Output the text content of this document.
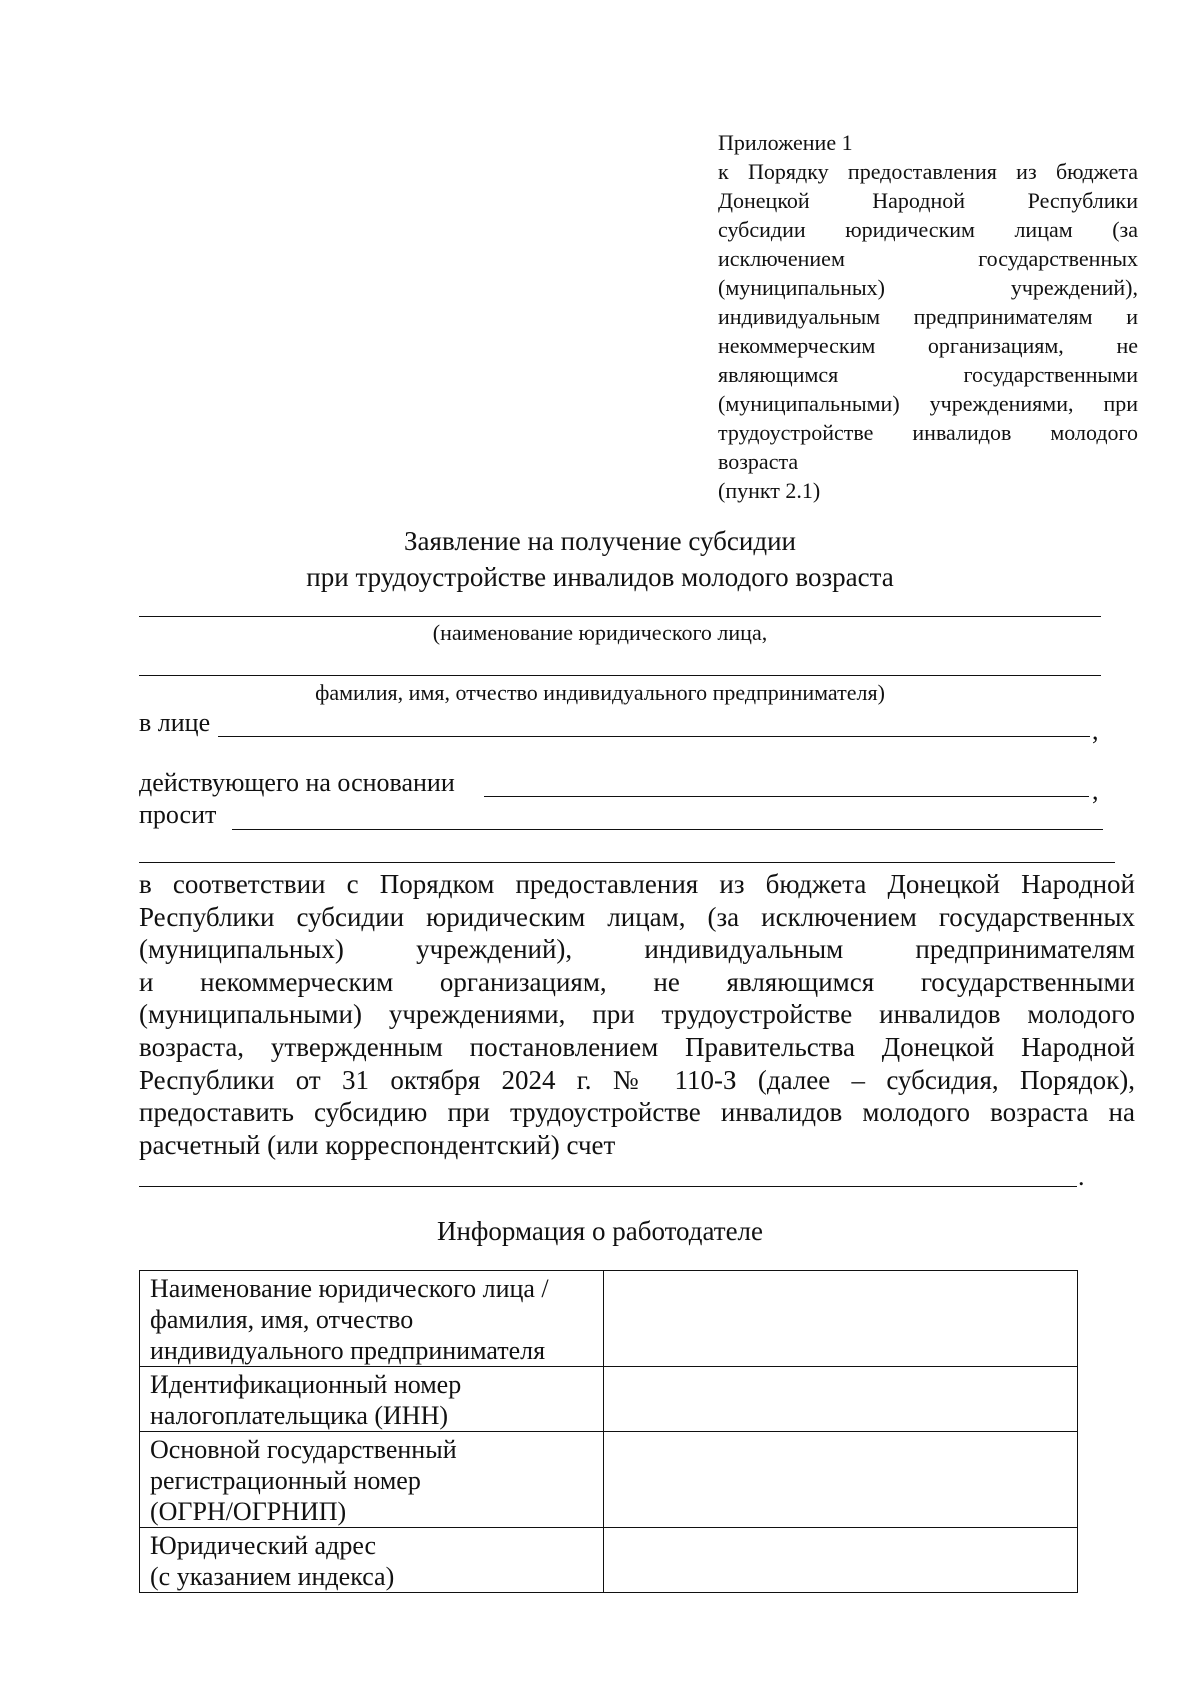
Приложение 1
к Порядку предоставления из бюджета
Донецкой Народной Республики
субсидии юридическим лицам (за
исключением государственных
(муниципальных) учреждений),
индивидуальным предпринимателям и
некоммерческим организациям, не
являющимся государственными
(муниципальными) учреждениями, при
трудоустройстве инвалидов молодого
возраста
(пункт 2.1)
Заявление на получение субсидии
при трудоустройстве инвалидов молодого возраста
(наименование юридического лица,
фамилия, имя, отчество индивидуального предпринимателя)
в лице	,
действующего на основании	,
просит
в соответствии с Порядком предоставления из бюджета Донецкой Народной
Республики субсидии юридическим лицам, (за исключением государственных
(муниципальных) учреждений), индивидуальным предпринимателям
и некоммерческим организациям, не являющимся государственными
(муниципальными) учреждениями, при трудоустройстве инвалидов молодого
возраста, утвержденным постановлением Правительства Донецкой Народной
Республики от 31 октября 2024 г. № 110-З (далее – субсидия, Порядок),
предоставить субсидию при трудоустройстве инвалидов молодого возраста на
расчетный (или корреспондентский) счет
.
Информация о работодателе
Наименование юридического лица /
фамилия, имя, отчество
индивидуального предпринимателя	

Идентификационный номер
налогоплательщика (ИНН)	

Основной государственный
регистрационный номер
(ОГРН/ОГРНИП)	

Юридический адрес
(с указанием индекса)	
